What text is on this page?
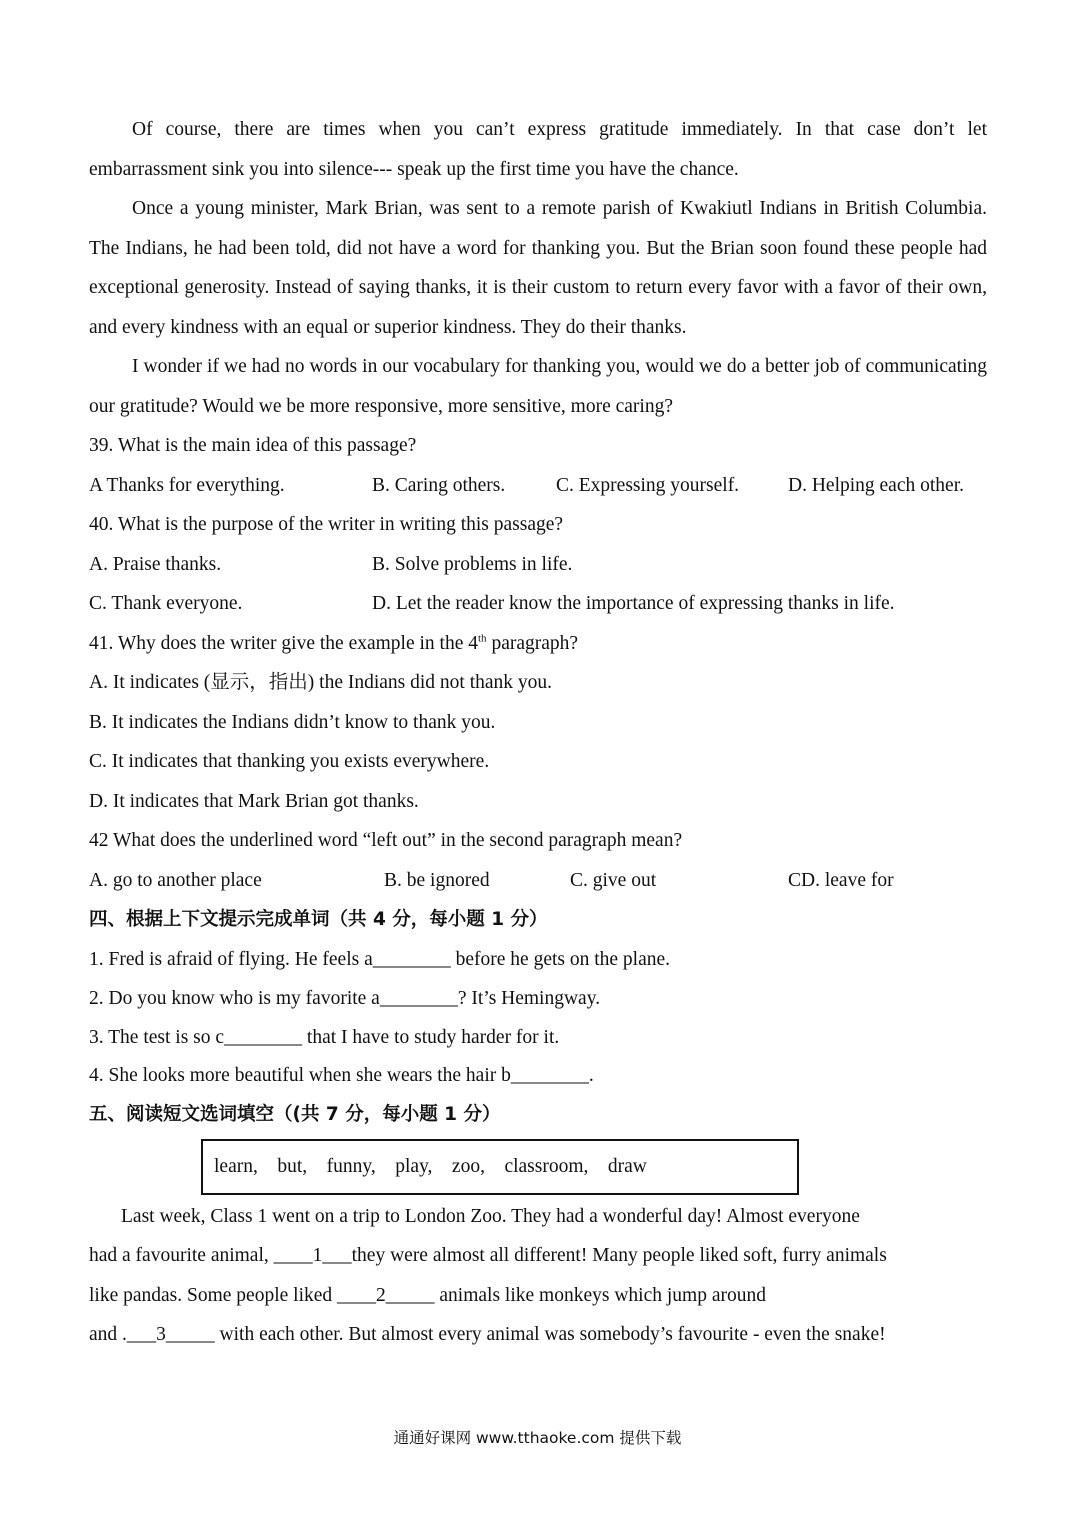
Of course, there are times when you can’t express gratitude immediately. In that case don’t let embarrassment sink you into silence--- speak up the first time you have the chance.

Once a young minister, Mark Brian, was sent to a remote parish of Kwakiutl Indians in British Columbia. The Indians, he had been told, did not have a word for thanking you. But the Brian soon found these people had exceptional generosity. Instead of saying thanks, it is their custom to return every favor with a favor of their own, and every kindness with an equal or superior kindness. They do their thanks.

I wonder if we had no words in our vocabulary for thanking you, would we do a better job of communicating our gratitude? Would we be more responsive, more sensitive, more caring?

39. What is the main idea of this passage?

A Thanks for everything.	B. Caring others.	C. Expressing yourself.	D. Helping each other.

40. What is the purpose of the writer in writing this passage?

A. Praise thanks.	B. Solve problems in life.
C. Thank everyone.	D. Let the reader know the importance of expressing thanks in life.

41. Why does the writer give the example in the 4th paragraph?

A. It indicates (显示，指出) the Indians did not thank you.

B. It indicates the Indians didn’t know to thank you.

C. It indicates that thanking you exists everywhere.

D. It indicates that Mark Brian got thanks.

42 What does the underlined word “left out” in the second paragraph mean?

A. go to another place	B. be ignored	C. give out	CD. leave for

四、根据上下文提示完成单词（共 4 分，每小题 1 分）

1. Fred is afraid of flying. He feels a________ before he gets on the plane.

2. Do you know who is my favorite a________? It’s Hemingway.

3. The test is so c________ that I have to study harder for it.

4. She looks more beautiful when she wears the hair b________.

五、阅读短文选词填空（(共 7 分，每小题 1 分）

learn,    but,    funny,    play,    zoo,    classroom,    draw

Last week, Class 1 went on a trip to London Zoo. They had a wonderful day! Almost everyone

had a favourite animal, ____1___they were almost all different! Many people liked soft, furry animals

like pandas. Some people liked ____2_____ animals like monkeys which jump around

and .___3_____ with each other. But almost every animal was somebody’s favourite - even the snake!

通通好课网 www.tthaoke.com 提供下载
